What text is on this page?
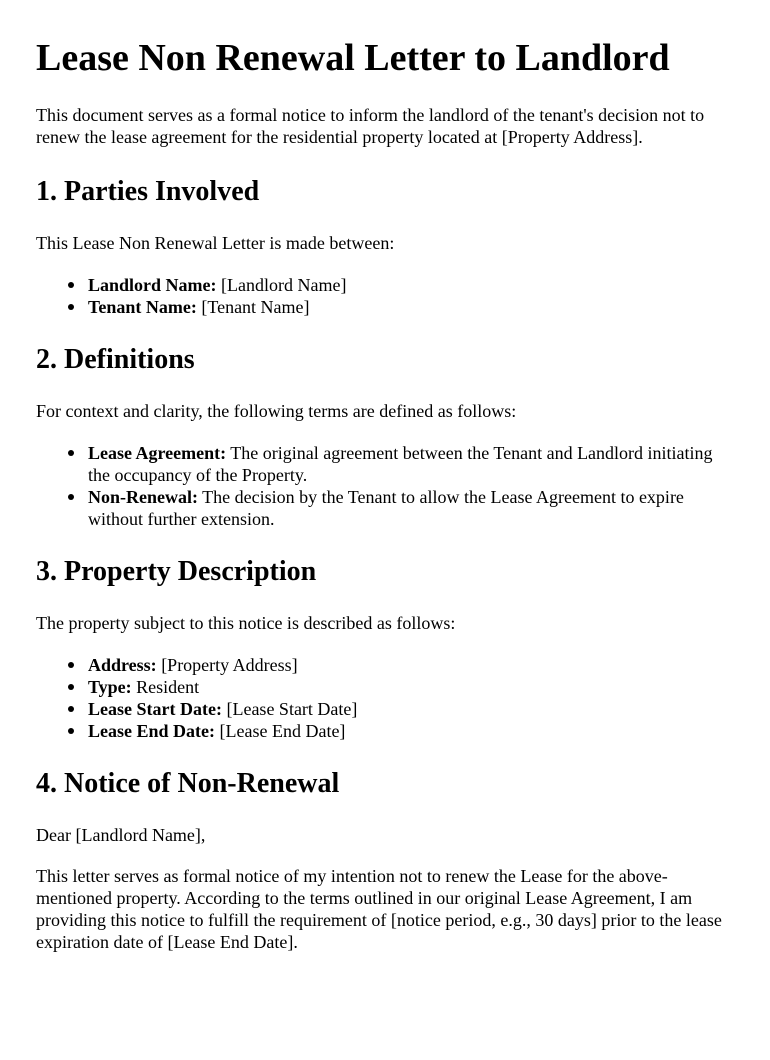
Lease Non Renewal Letter to Landlord

This document serves as a formal notice to inform the landlord of the tenant's decision not to renew the lease agreement for the residential property located at [Property Address].

1. Parties Involved

This Lease Non Renewal Letter is made between:

Landlord Name: [Landlord Name]
Tenant Name: [Tenant Name]
2. Definitions

For context and clarity, the following terms are defined as follows:

Lease Agreement: The original agreement between the Tenant and Landlord initiating the occupancy of the Property.
Non-Renewal: The decision by the Tenant to allow the Lease Agreement to expire without further extension.
3. Property Description

The property subject to this notice is described as follows:

Address: [Property Address]
Type: Resident
Lease Start Date: [Lease Start Date]
Lease End Date: [Lease End Date]
4. Notice of Non-Renewal

Dear [Landlord Name],

This letter serves as formal notice of my intention not to renew the Lease for the above-mentioned property. According to the terms outlined in our original Lease Agreement, I am providing this notice to fulfill the requirement of [notice period, e.g., 30 days] prior to the lease expiration date of [Lease End Date].
